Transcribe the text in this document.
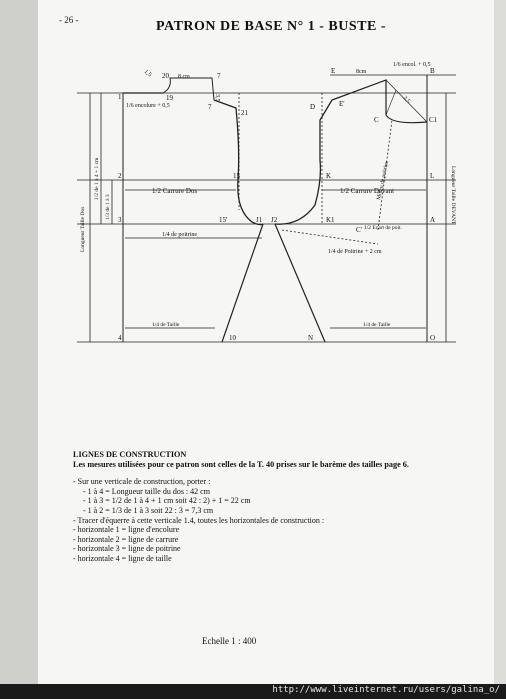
- 26 -	PATRON DE BASE N° 1 - BUSTE -
20	7
1	19
7
21
2	15
3	15'	J1 J2
4	10	N
E	B
D	E'
C	C1
K	L
K1
C'
A
O
8 cm
3,5
1,5
1/6 encolure + 0,5
8cm
1/6 encol. + 0,5
2,5
1/2 Carrure Dos	1/2 Carrure Devant
1/4 de poitrine
1/4 de Poitrine + 2 cm
1/2 Ecart de poit.
Milieu de poitrine
1/4 de Taille	1/4 de Taille
Longueur Taille Dos
Longueur Taille DEVANT
1/2 de 1 à 4 + 1 cm
1/3 de 1 à 3
LIGNES DE CONSTRUCTION
Les mesures utilisées pour ce patron sont celles de la T. 40 prises sur le barème des tailles page 6.
- Sur une verticale de construction, porter :
- 1 à 4 = Longueur taille du dos : 42 cm
- 1 à 3 = 1/2 de 1 à 4 + 1 cm soit 42 : 2) + 1 = 22 cm
- 1 à 2 = 1/3 de 1 à 3 soit 22 : 3 = 7,3 cm
- Tracer d'équerre à cette verticale 1.4, toutes les horizontales de construction :
- horizontale 1 = ligne d'encolure
- horizontale 2 = ligne de carrure
- horizontale 3 = ligne de poitrine
- horizontale 4 = ligne de taille
Echelle 1 : 400
http://www.liveinternet.ru/users/galina_o/
